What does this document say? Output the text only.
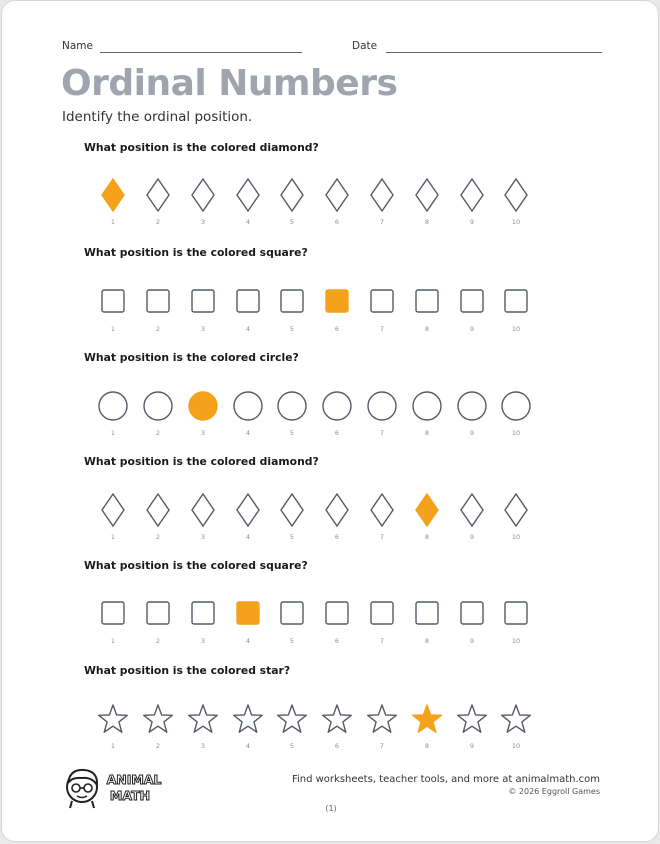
Name	Date
Ordinal Numbers
Identify the ordinal position.
What position is the colored diamond?
1	2	3	4	5	6	7	8	9	10
What position is the colored square?
1	2	3	4	5	6	7	8	9	10
What position is the colored circle?
1	2	3	4	5	6	7	8	9	10
What position is the colored diamond?
1	2	3	4	5	6	7	8	9	10
What position is the colored square?
1	2	3	4	5	6	7	8	9	10
What position is the colored star?
1	2	3	4	5	6	7	8	9	10
ANIMAL
MATH
Find worksheets, teacher tools, and more at animalmath.com
© 2026 Eggroll Games
(1)
